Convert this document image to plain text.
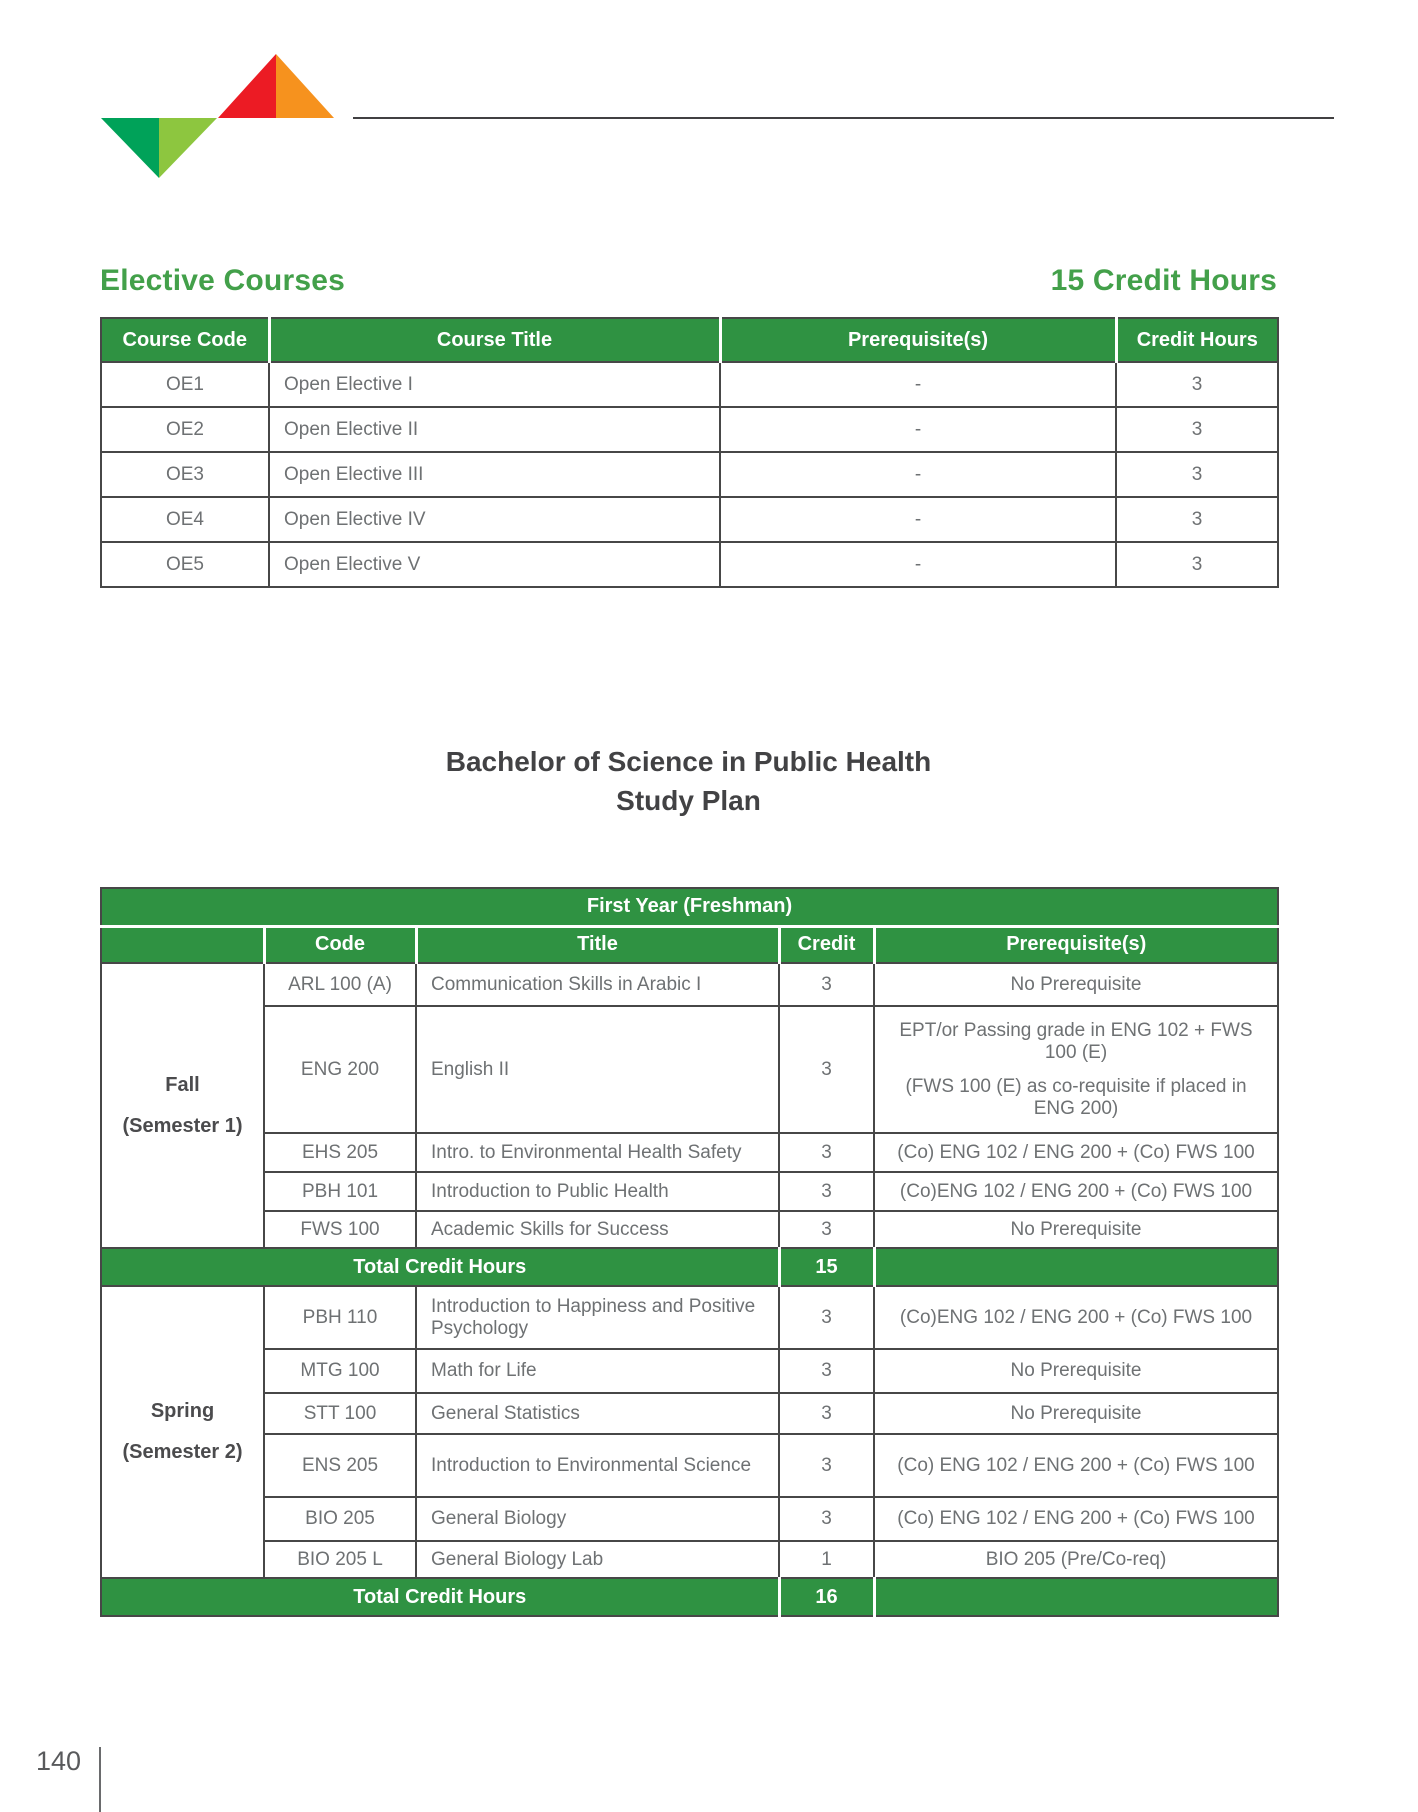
Elective Courses	15 Credit Hours
Course Code	Course Title	Prerequisite(s)	Credit Hours
OE1	Open Elective I	-	3
OE2	Open Elective II	-	3
OE3	Open Elective III	-	3
OE4	Open Elective IV	-	3
OE5	Open Elective V	-	3
Bachelor of Science in Public Health
Study Plan
First Year (Freshman)				
	Code	Title	Credit	Prerequisite(s)

Fall
(Semester 1)	ARL 100 (A)	Communication Skills in Arabic I	3	No Prerequisite

	ENG 200	English II	3	EPT/or Passing grade in ENG 102 + FWS 100 (E)
(FWS 100 (E) as co-requisite if placed in ENG 200)

	EHS 205	Intro. to Environmental Health Safety	3	(Co) ENG 102 / ENG 200 + (Co) FWS 100

	PBH 101	Introduction to Public Health	3	(Co)ENG 102 / ENG 200 + (Co) FWS 100

	FWS 100	Academic Skills for Success	3	No Prerequisite

Total Credit Hours			15	

Spring
(Semester 2)	PBH 110	Introduction to Happiness and Positive Psychology	3	(Co)ENG 102 / ENG 200 + (Co) FWS 100

	MTG 100	Math for Life	3	No Prerequisite

	STT 100	General Statistics	3	No Prerequisite

	ENS 205	Introduction to Environmental Science	3	(Co) ENG 102 / ENG 200 + (Co) FWS 100

	BIO 205	General Biology	3	(Co) ENG 102 / ENG 200 + (Co) FWS 100

	BIO 205 L	General Biology Lab	1	BIO 205 (Pre/Co-req)

Total Credit Hours			16	
140
